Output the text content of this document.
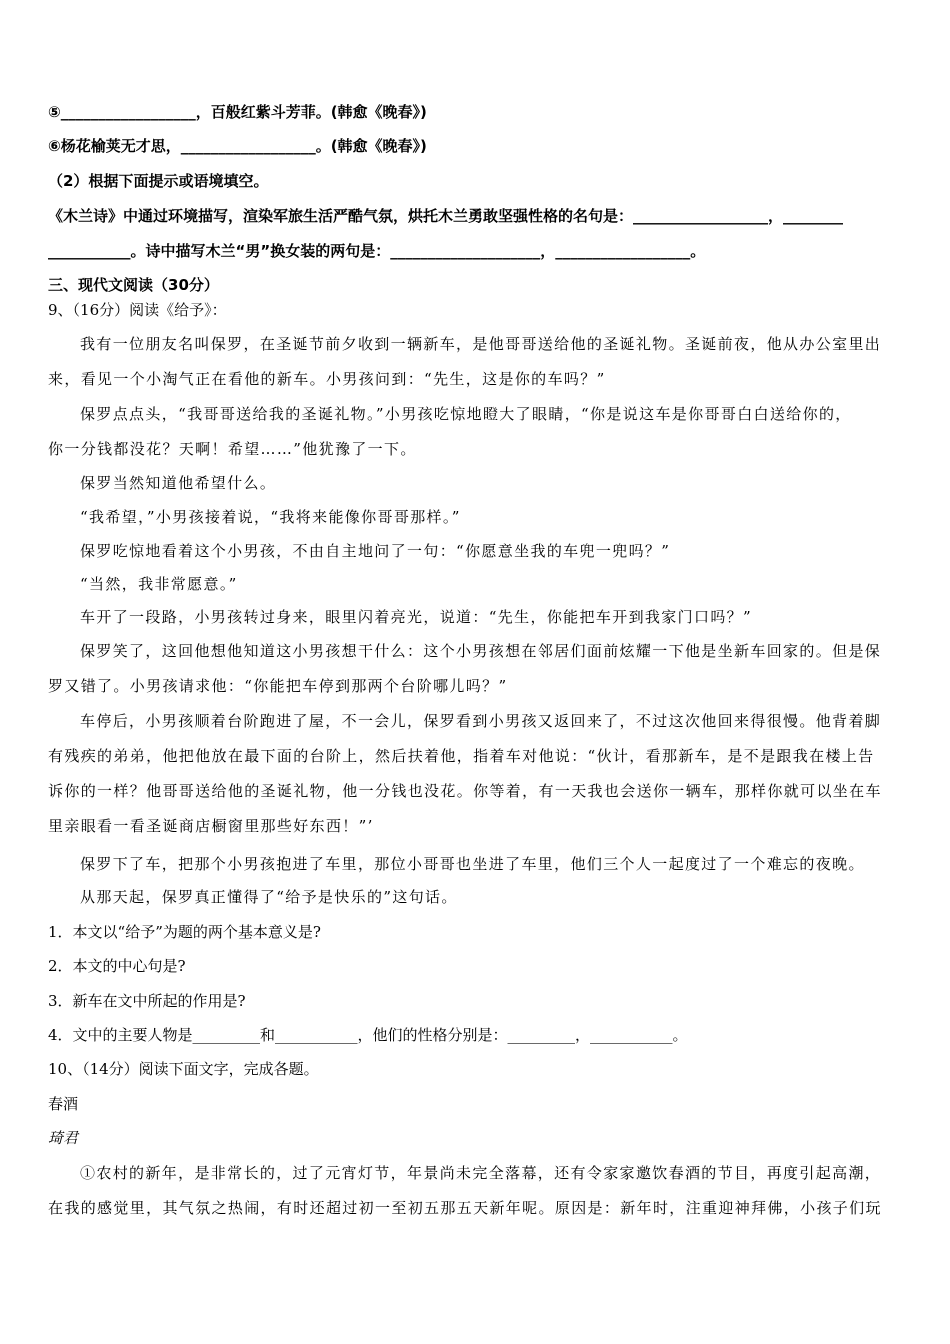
⑤__________________，百般红紫斗芳菲。(韩愈《晚春》)
⑥杨花榆荚无才思，__________________。(韩愈《晚春》)
（2）根据下面提示或语境填空。
《木兰诗》中通过环境描写，渲染军旅生活严酷气氛，烘托木兰勇敢坚强性格的名句是：__________________，________
___________。诗中描写木兰“男”换女装的两句是：____________________，__________________。
三、现代文阅读（30分）
9、（16分）阅读《给予》：
我有一位朋友名叫保罗，在圣诞节前夕收到一辆新车，是他哥哥送给他的圣诞礼物。圣诞前夜，他从办公室里出
来，看见一个小淘气正在看他的新车。小男孩问到：“先生，这是你的车吗？”
保罗点点头，“我哥哥送给我的圣诞礼物。”小男孩吃惊地瞪大了眼睛，“你是说这车是你哥哥白白送给你的，
你一分钱都没花？天啊！希望……”他犹豫了一下。
保罗当然知道他希望什么。
“我希望，”小男孩接着说，“我将来能像你哥哥那样。”
保罗吃惊地看着这个小男孩，不由自主地问了一句：“你愿意坐我的车兜一兜吗？”
“当然，我非常愿意。”
车开了一段路，小男孩转过身来，眼里闪着亮光，说道：“先生，你能把车开到我家门口吗？”
保罗笑了，这回他想他知道这小男孩想干什么：这个小男孩想在邻居们面前炫耀一下他是坐新车回家的。但是保
罗又错了。小男孩请求他：“你能把车停到那两个台阶哪儿吗？”
车停后，小男孩顺着台阶跑进了屋，不一会儿，保罗看到小男孩又返回来了，不过这次他回来得很慢。他背着脚
有残疾的弟弟，他把他放在最下面的台阶上，然后扶着他，指着车对他说：“伙计，看那新车，是不是跟我在楼上告
诉你的一样？他哥哥送给他的圣诞礼物，他一分钱也没花。你等着，有一天我也会送你一辆车，那样你就可以坐在车
里亲眼看一看圣诞商店橱窗里那些好东西！”’
保罗下了车，把那个小男孩抱进了车里，那位小哥哥也坐进了车里，他们三个人一起度过了一个难忘的夜晚。
从那天起，保罗真正懂得了“给予是快乐的”这句话。
1．本文以“给予”为题的两个基本意义是?
2．本文的中心句是?
3．新车在文中所起的作用是?
4．文中的主要人物是_________和___________，他们的性格分别是：_________，___________。
10、（14分）阅读下面文字，完成各题。
春酒
琦君
①农村的新年，是非常长的，过了元宵灯节，年景尚未完全落幕，还有令家家邀饮春酒的节目，再度引起高潮，
在我的感觉里，其气氛之热闹，有时还超过初一至初五那五天新年呢。原因是：新年时，注重迎神拜佛，小孩子们玩
